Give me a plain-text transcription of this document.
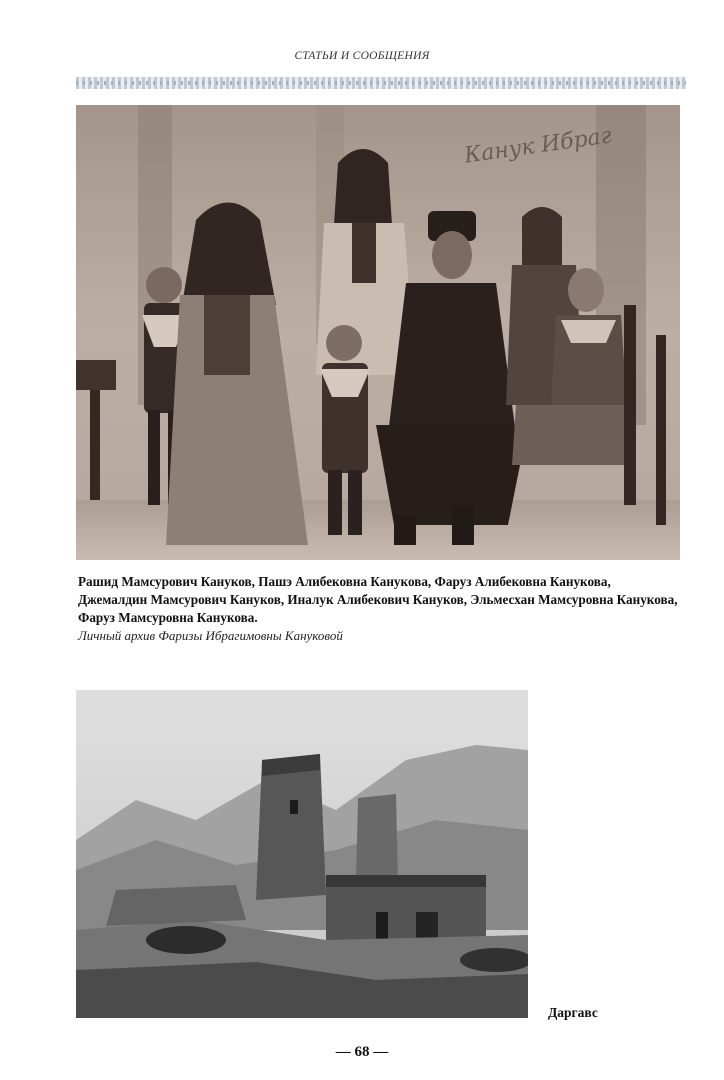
СТАТЬИ И СООБЩЕНИЯ
Канук Ибраг
Рашид Мамсурович Кануков, Пашэ Алибековна Канукова, Фаруз Алибековна Канукова, Джемалдин Мамсурович Кануков, Иналук Алибекович Кануков, Эльмесхан Мамсуровна Канукова, Фаруз Мамсуровна Канукова.
Личный архив Фаризы Ибрагимовны Кануковой
Даргавс
— 68 —
